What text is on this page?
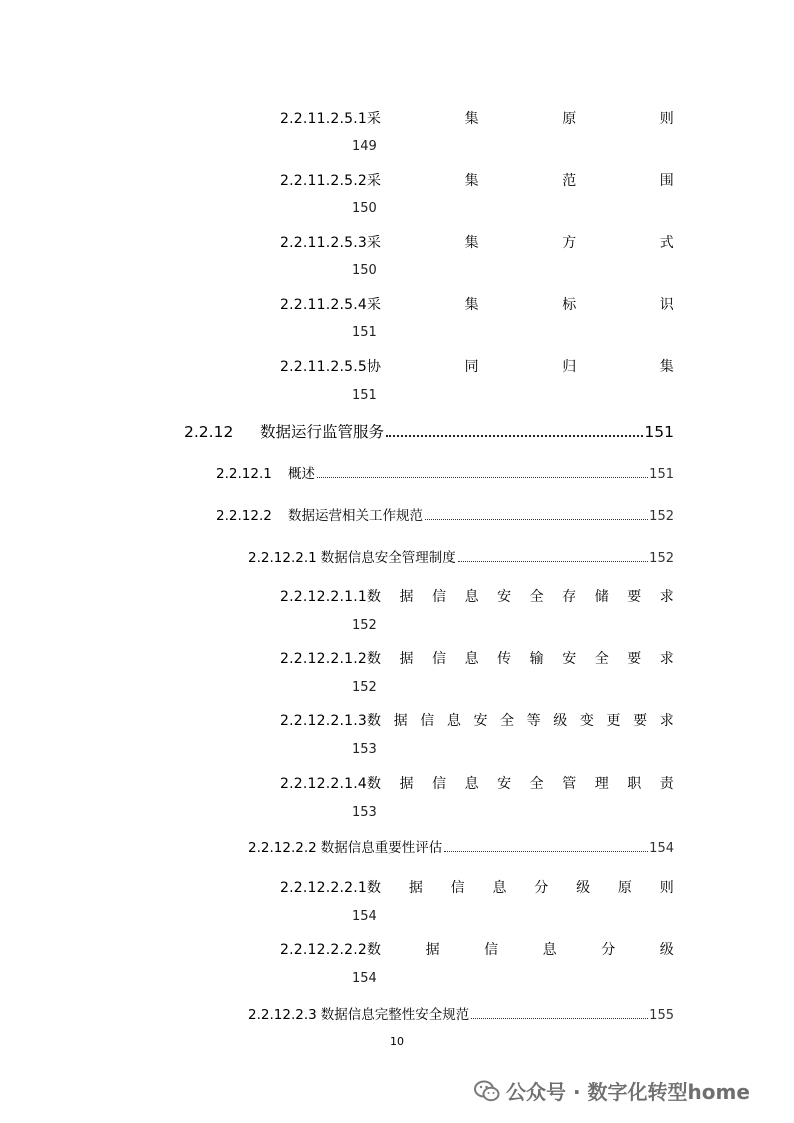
2.2.11.2.5.1采	集	原	则
149
2.2.11.2.5.2采	集	范	围
150
2.2.11.2.5.3采	集	方	式
150
2.2.11.2.5.4采	集	标	识
151
2.2.11.2.5.5协	同	归	集
151
2.2.12	数据运行监管服务	151
2.2.12.1	概述	151
2.2.12.2	数据运营相关工作规范	152
2.2.12.2.1 数据信息安全管理制度	152
2.2.12.2.1.1数 据 信 息 安 全 存 储 要 求
152
2.2.12.2.1.2数 据 信 息 传 输 安 全 要 求
152
2.2.12.2.1.3数 据 信 息 安 全 等 级 变 更 要 求
153
2.2.12.2.1.4数 据 信 息 安 全 管 理 职 责
153
2.2.12.2.2 数据信息重要性评估	154
2.2.12.2.2.1数 据 信 息 分 级 原 则
154
2.2.12.2.2.2数	据	信	息	分	级
154
2.2.12.2.3 数据信息完整性安全规范	155
10
公众号 · 数字化转型home
